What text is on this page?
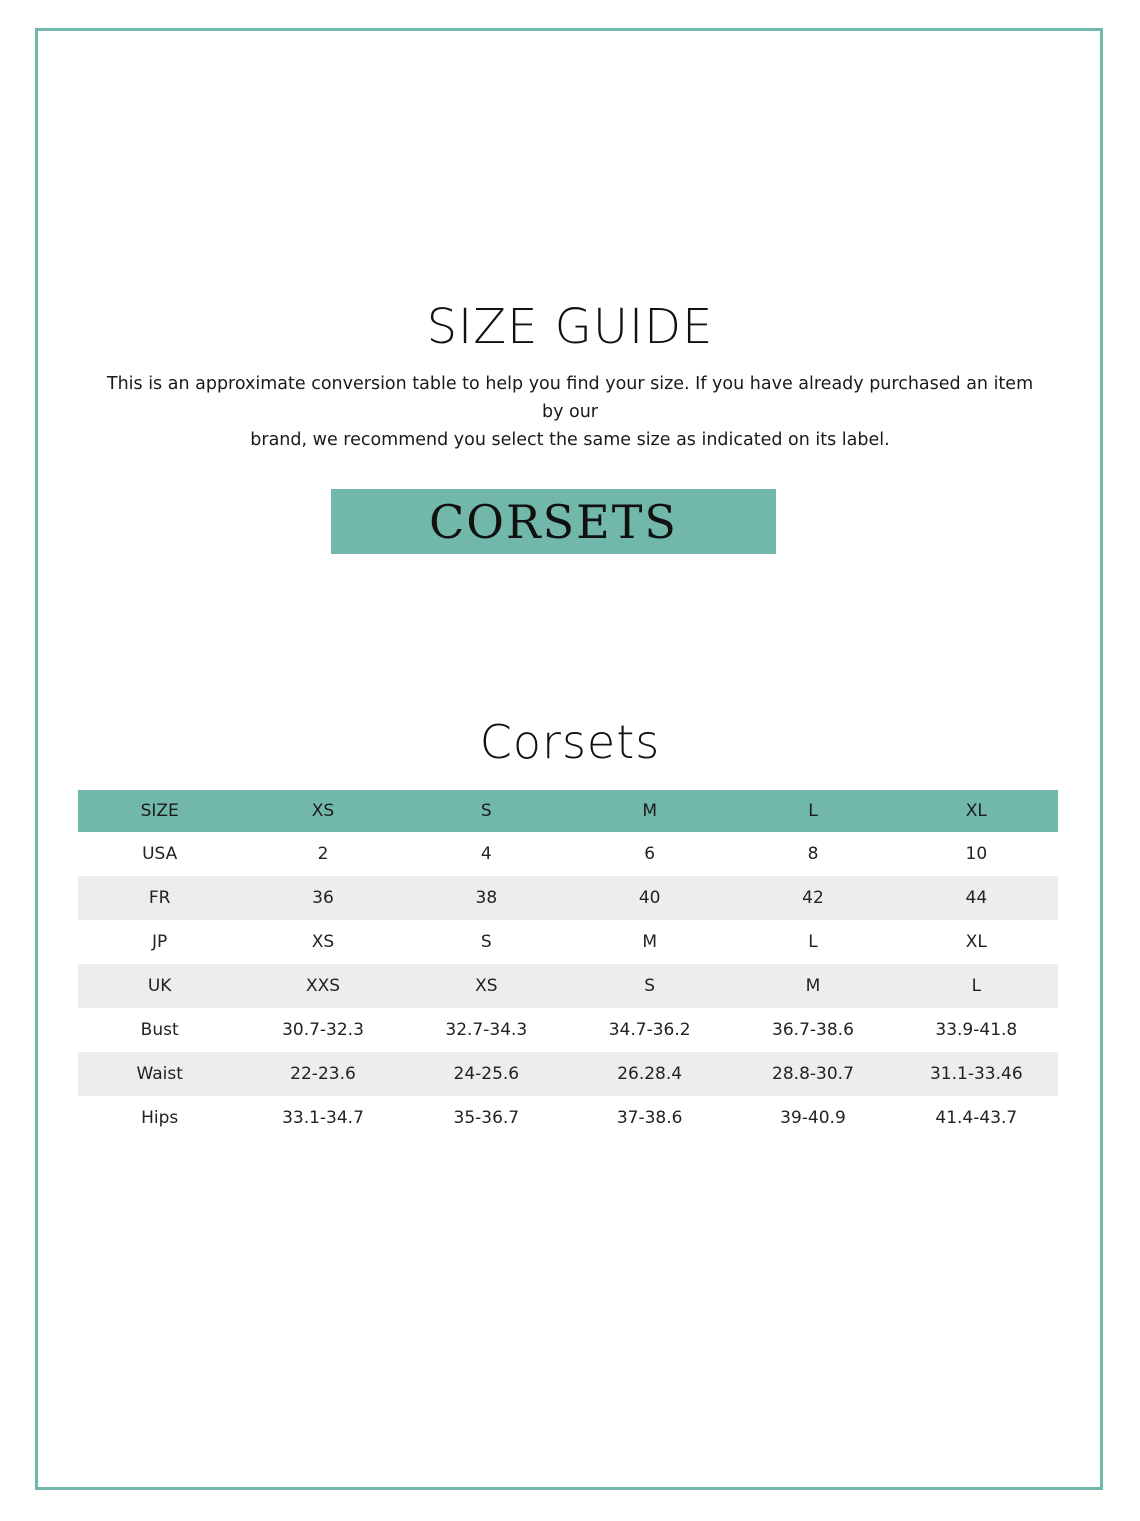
SIZE GUIDE
This is an approximate conversion table to help you find your size. If you have already purchased an item by our
brand, we recommend you select the same size as indicated on its label.
CORSETS
Corsets
SIZE	XS	S	M	L	XL
USA	2	4	6	8	10
FR	36	38	40	42	44
JP	XS	S	M	L	XL
UK	XXS	XS	S	M	L
Bust	30.7-32.3	32.7-34.3	34.7-36.2	36.7-38.6	33.9-41.8
Waist	22-23.6	24-25.6	26.28.4	28.8-30.7	31.1-33.46
Hips	33.1-34.7	35-36.7	37-38.6	39-40.9	41.4-43.7
